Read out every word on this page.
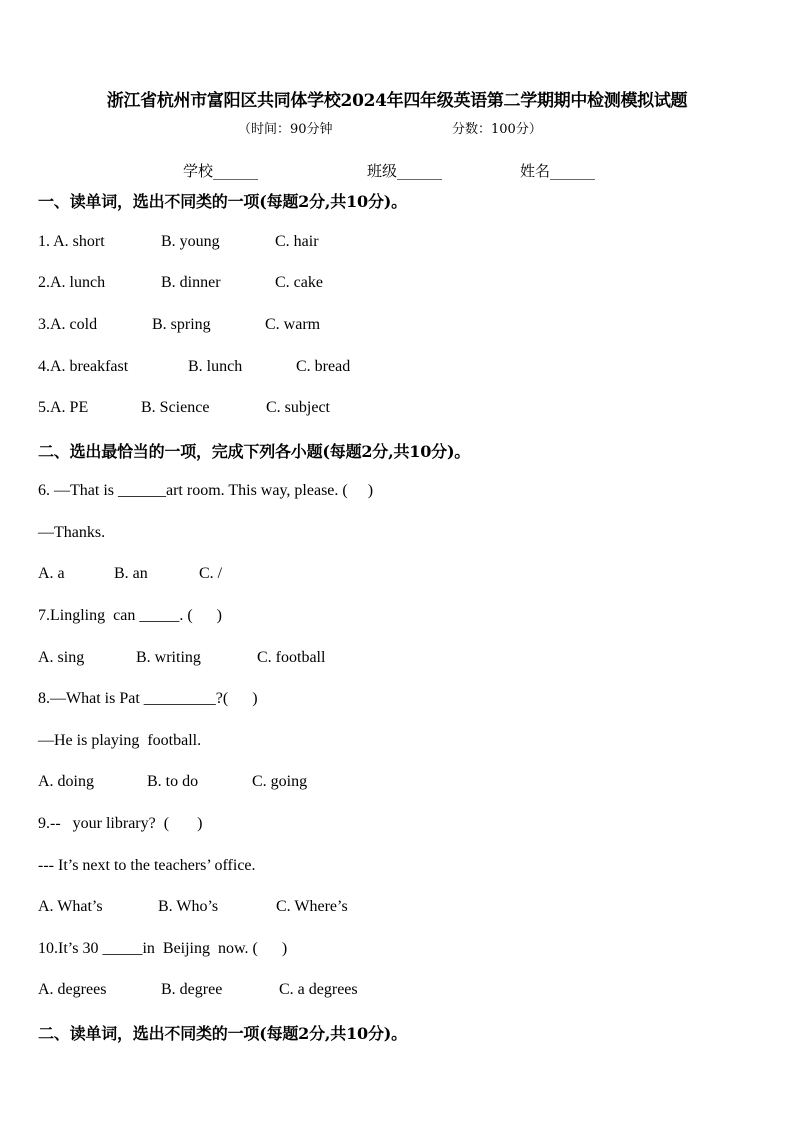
浙江省杭州市富阳区共同体学校2024年四年级英语第二学期期中检测模拟试题
（时间：90分钟	分数：100分）
学校______	班级______	姓名______
一、读单词，选出不同类的一项(每题2分,共10分)。
1. A. short	B. young	C. hair
2.A. lunch	B. dinner	C. cake
3.A. cold	B. spring	C. warm
4.A. breakfast	B. lunch	C. bread
5.A. PE	B. Science	C. subject
二、选出最恰当的一项，完成下列各小题(每题2分,共10分)。
6. —That is ______art room. This way, please. (     )
—Thanks.
A. a	B. an	C. /
7.Lingling  can _____. (      )
A. sing	B. writing	C. football
8.—What is Pat _________?(      )
—He is playing  football.
A. doing	B. to do	C. going
9.--   your library?  (       )
--- It’s next to the teachers’ office.
A. What’s	B. Who’s	C. Where’s
10.It’s 30 _____in  Beijing  now. (      )
A. degrees	B. degree	C. a degrees
二、读单词，选出不同类的一项(每题2分,共10分)。
